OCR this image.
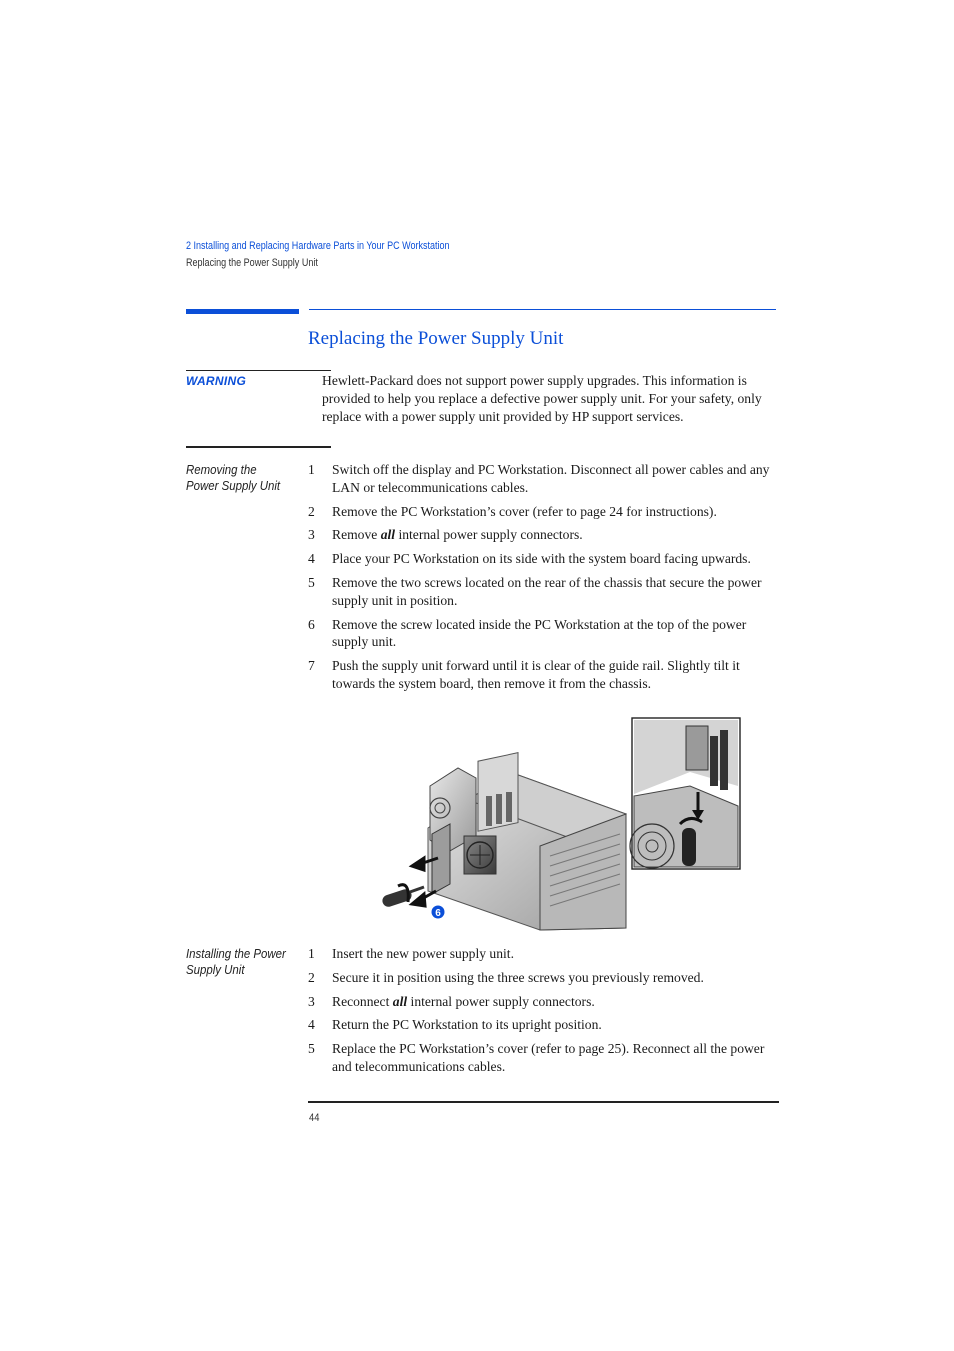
2 Installing and Replacing Hardware Parts in Your PC Workstation
Replacing the Power Supply Unit
Replacing the Power Supply Unit
WARNING	Hewlett-Packard does not support power supply upgrades. This information is provided to help you replace a defective power supply unit. For your safety, only replace with a power supply unit provided by HP support services.
Removing the
Power Supply Unit
1	Switch off the display and PC Workstation. Disconnect all power cables and any LAN or telecommunications cables.
2	Remove the PC Workstation’s cover (refer to page 24 for instructions).
3	Remove all internal power supply connectors.
4	Place your PC Workstation on its side with the system board facing upwards.
5	Remove the two screws located on the rear of the chassis that secure the power supply unit in position.
6	Remove the screw located inside the PC Workstation at the top of the power supply unit.
7	Push the supply unit forward until it is clear of the guide rail. Slightly tilt it towards the system board, then remove it from the chassis.
6
Installing the Power
Supply Unit
1	Insert the new power supply unit.
2	Secure it in position using the three screws you previously removed.
3	Reconnect all internal power supply connectors.
4	Return the PC Workstation to its upright position.
5	Replace the PC Workstation’s cover (refer to page 25). Reconnect all the power and telecommunications cables.
44
